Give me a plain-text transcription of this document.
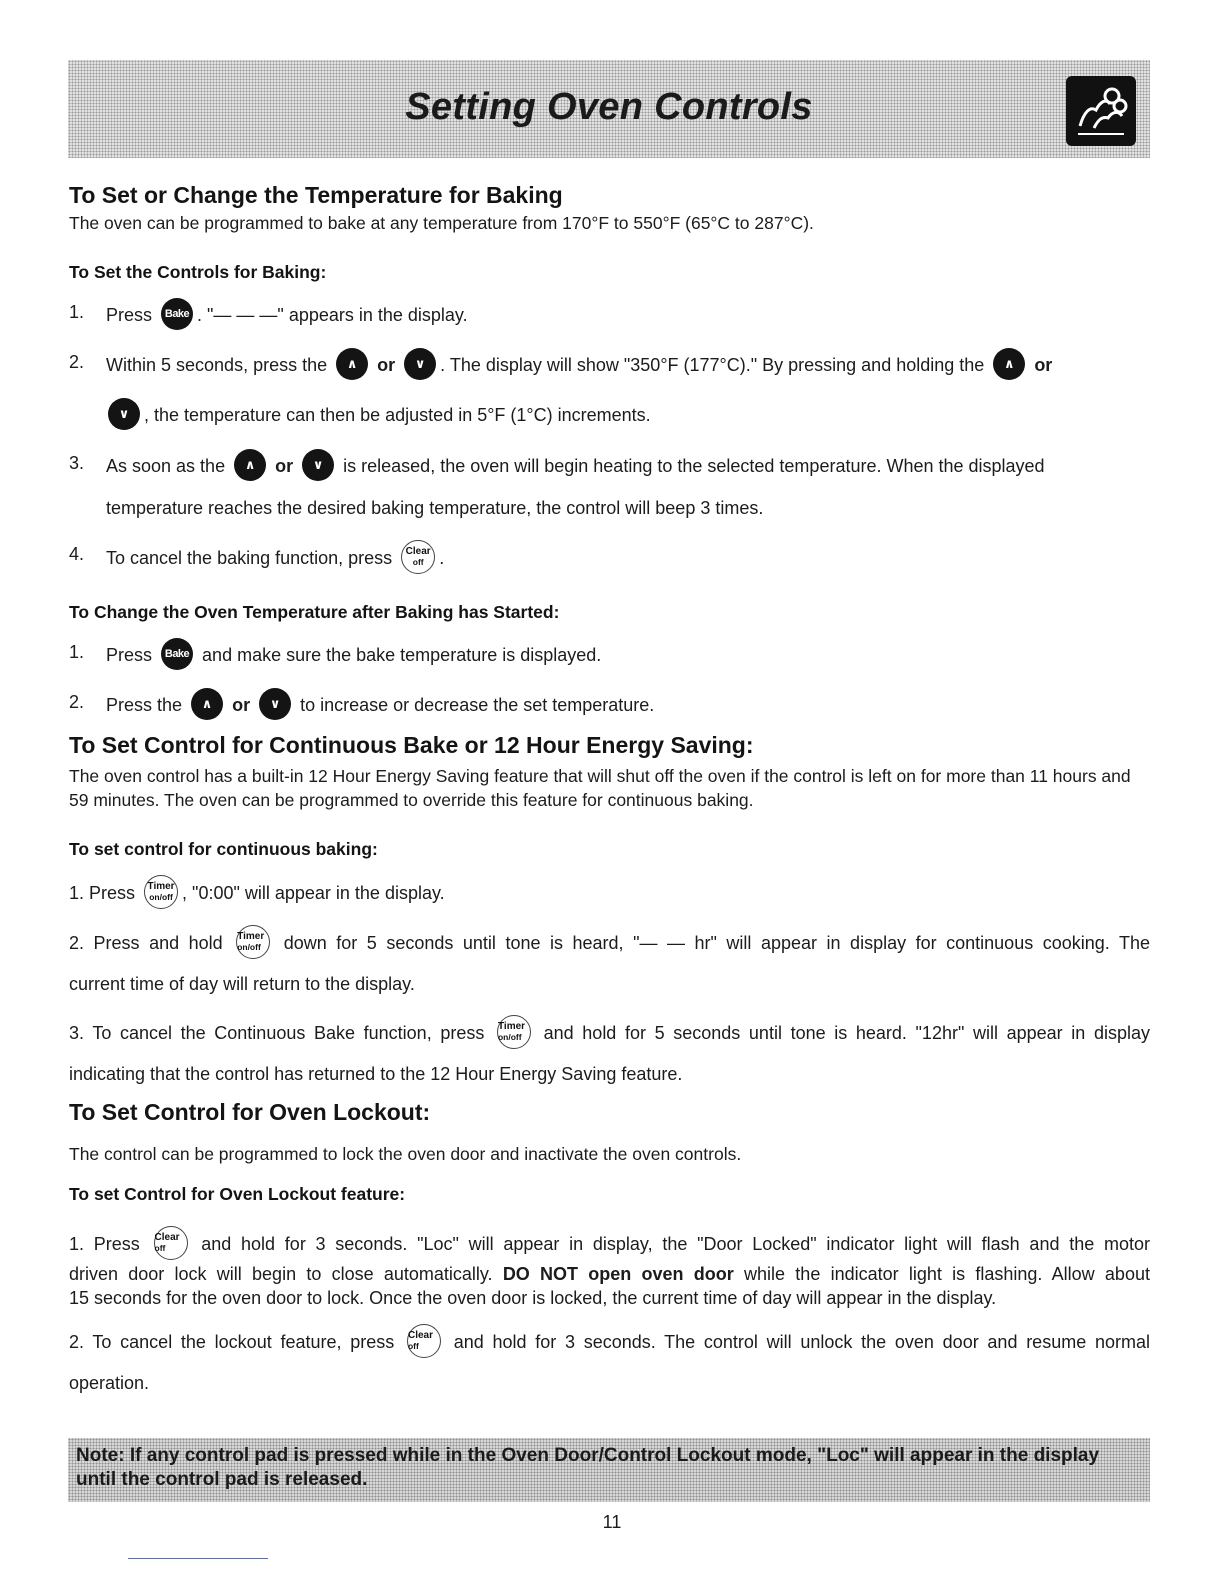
Setting Oven Controls
To Set or Change the Temperature for Baking
The oven can be programmed to bake at any temperature from 170°F to 550°F (65°C to 287°C).
To Set the Controls for Baking:
1. Press Bake . "— — —" appears in the display.
2. Within 5 seconds, press the ∧ or ∨ . The display will show "350°F (177°C)." By pressing and holding the ∧ or
∨ , the temperature can then be adjusted in 5°F (1°C) increments.
3. As soon as the ∧ or ∨ is released, the oven will begin heating to the selected temperature. When the displayed
temperature reaches the desired baking temperature, the control will beep 3 times.
4. To cancel the baking function, press	Clear
off .
To Change the Oven Temperature after Baking has Started:
1. Press Bake and make sure the bake temperature is displayed.
2. Press the ∧ or ∨ to increase or decrease the set temperature.
To Set Control for Continuous Bake or 12 Hour Energy Saving:
The oven control has a built-in 12 Hour Energy Saving feature that will shut off the oven if the control is left on for more than 11 hours and 59 minutes. The oven can be programmed to override this feature for continuous baking.
To set control for continuous baking:
1. Press Timer
on/off , "0:00" will appear in the display.
2. Press and hold Timer
on/off	down for 5 seconds until tone is heard, "— — hr" will appear in display for continuous cooking. The
current time of day will return to the display.
3. To cancel the Continuous Bake function, press Timer
on/off	and hold for 5 seconds until tone is heard. "12hr" will appear in display
indicating that the control has returned to the 12 Hour Energy Saving feature.
To Set Control for Oven Lockout:
The control can be programmed to lock the oven door and inactivate the oven controls.
To set Control for Oven Lockout feature:
1. Press Clear
off	and hold for 3 seconds. "Loc" will appear in display, the "Door Locked" indicator light will flash and the motor
driven door lock will begin to close automatically. DO NOT open oven door while the indicator light is flashing. Allow about
15 seconds for the oven door to lock. Once the oven door is locked, the current time of day will appear in the display.
2. To cancel the lockout feature, press Clear
off	and hold for 3 seconds. The control will unlock the oven door and resume normal
operation.
Note: If any control pad is pressed while in the Oven Door/Control Lockout mode, "Loc" will appear in the display until the control pad is released.
11
